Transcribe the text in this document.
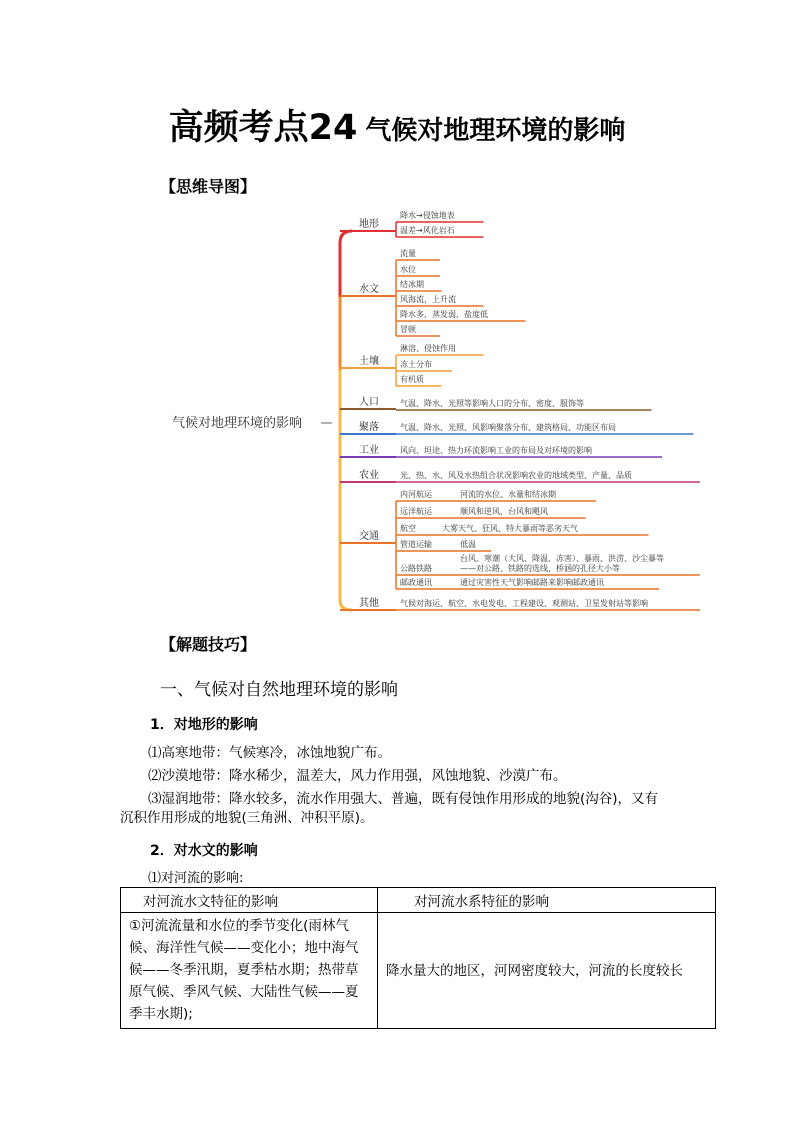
高频考点24 气候对地理环境的影响
【思维导图】
气候对地理环境的影响
地形
降水→侵蚀地表
温差→风化岩石
水文
流量
水位
结冰期
风海流，上升流
降水多，蒸发弱，盐度低
冒顿
土壤
淋溶、侵蚀作用
冻土分布
有机质
人口	气温、降水、光照等影响人口的分布、密度、服饰等
聚落	气温、降水、光照、风影响聚落分布、建筑格局、功能区布局
工业	风向、坦途、热力环流影响工业的布局及对环境的影响
农业	光、热、水、风及水热组合状况影响农业的地域类型、产量、品质
交通
内河航运	河流的水位、水量和结冰期
远洋航运	顺风和逆风，台风和飓风
航空	大雾天气、狂风、特大暴雨等恶劣天气
管道运输	低温
公路铁路
台风、寒潮（大风、降温、冻害）、暴雨、洪涝、沙尘暴等
——对公路、铁路的选线，桥涵的孔径大小等
邮政通讯	通过灾害性天气影响邮路来影响邮政通讯
其他	气候对海运、航空、水电发电、工程建设、观测站、卫星发射站等影响
【解题技巧】
一、气候对自然地理环境的影响
1．对地形的影响
⑴高寒地带：气候寒冷，冰蚀地貌广布。
⑵沙漠地带：降水稀少，温差大，风力作用强，风蚀地貌、沙漠广布。
⑶湿润地带：降水较多，流水作用强大、普遍，既有侵蚀作用形成的地貌(沟谷)，又有
沉积作用形成的地貌(三角洲、冲积平原)。
2．对水文的影响
⑴对河流的影响:
对河流水文特征的影响	对河流水系特征的影响
①河流流量和水位的季节变化(雨林气候、海洋性气候——变化小；地中海气候——冬季汛期，夏季枯水期；热带草原气候、季风气候、大陆性气候——夏季丰水期);	降水量大的地区，河网密度较大，河流的长度较长
